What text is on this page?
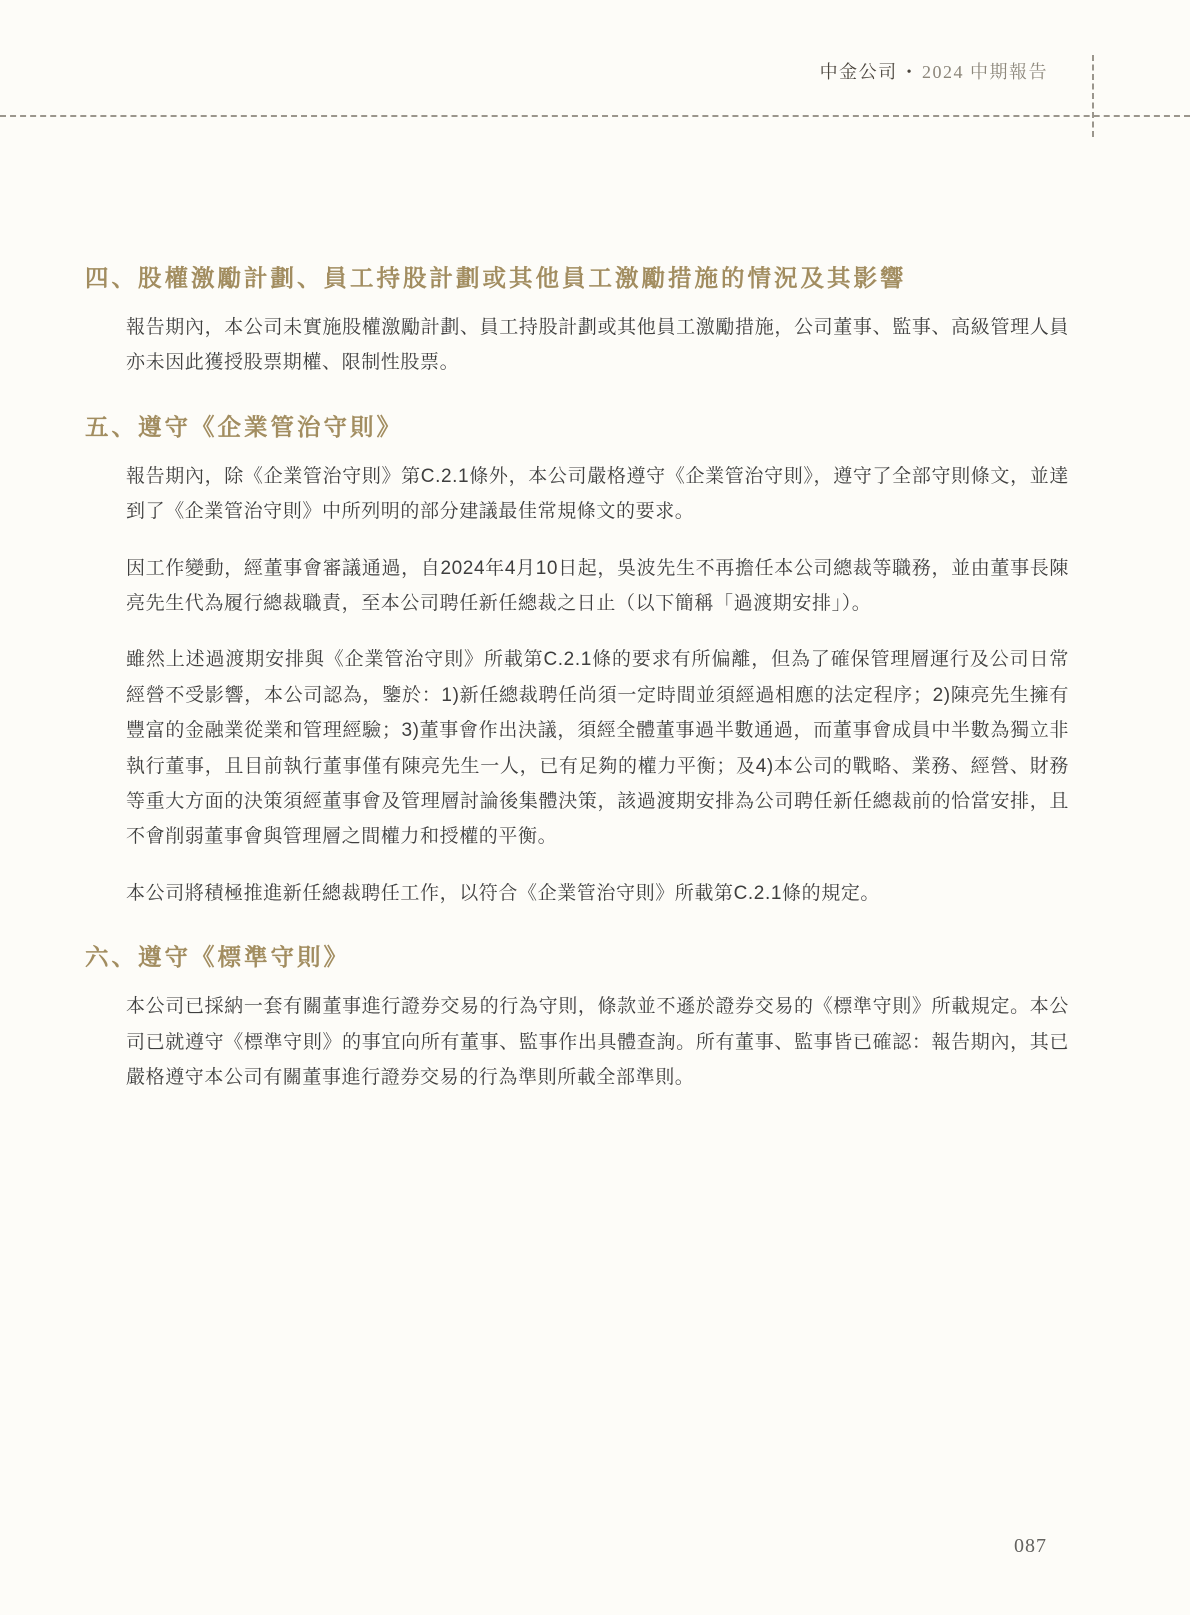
中金公司 • 2024 中期報告
四、股權激勵計劃、員工持股計劃或其他員工激勵措施的情況及其影響

報告期內，本公司未實施股權激勵計劃、員工持股計劃或其他員工激勵措施，公司董事、監事、高級管理人員亦未因此獲授股票期權、限制性股票。

五、遵守《企業管治守則》

報告期內，除《企業管治守則》第C.2.1條外，本公司嚴格遵守《企業管治守則》，遵守了全部守則條文，並達到了《企業管治守則》中所列明的部分建議最佳常規條文的要求。

因工作變動，經董事會審議通過，自2024年4月10日起，吳波先生不再擔任本公司總裁等職務，並由董事長陳亮先生代為履行總裁職責，至本公司聘任新任總裁之日止（以下簡稱「過渡期安排」）。

雖然上述過渡期安排與《企業管治守則》所載第C.2.1條的要求有所偏離，但為了確保管理層運行及公司日常經營不受影響，本公司認為，鑒於：1)新任總裁聘任尚須一定時間並須經過相應的法定程序；2)陳亮先生擁有豐富的金融業從業和管理經驗；3)董事會作出決議，須經全體董事過半數通過，而董事會成員中半數為獨立非執行董事，且目前執行董事僅有陳亮先生一人，已有足夠的權力平衡；及4)本公司的戰略、業務、經營、財務等重大方面的決策須經董事會及管理層討論後集體決策，該過渡期安排為公司聘任新任總裁前的恰當安排，且不會削弱董事會與管理層之間權力和授權的平衡。

本公司將積極推進新任總裁聘任工作，以符合《企業管治守則》所載第C.2.1條的規定。

六、遵守《標準守則》

本公司已採納一套有關董事進行證券交易的行為守則，條款並不遜於證券交易的《標準守則》所載規定。本公司已就遵守《標準守則》的事宜向所有董事、監事作出具體查詢。所有董事、監事皆已確認：報告期內，其已嚴格遵守本公司有關董事進行證券交易的行為準則所載全部準則。

087
